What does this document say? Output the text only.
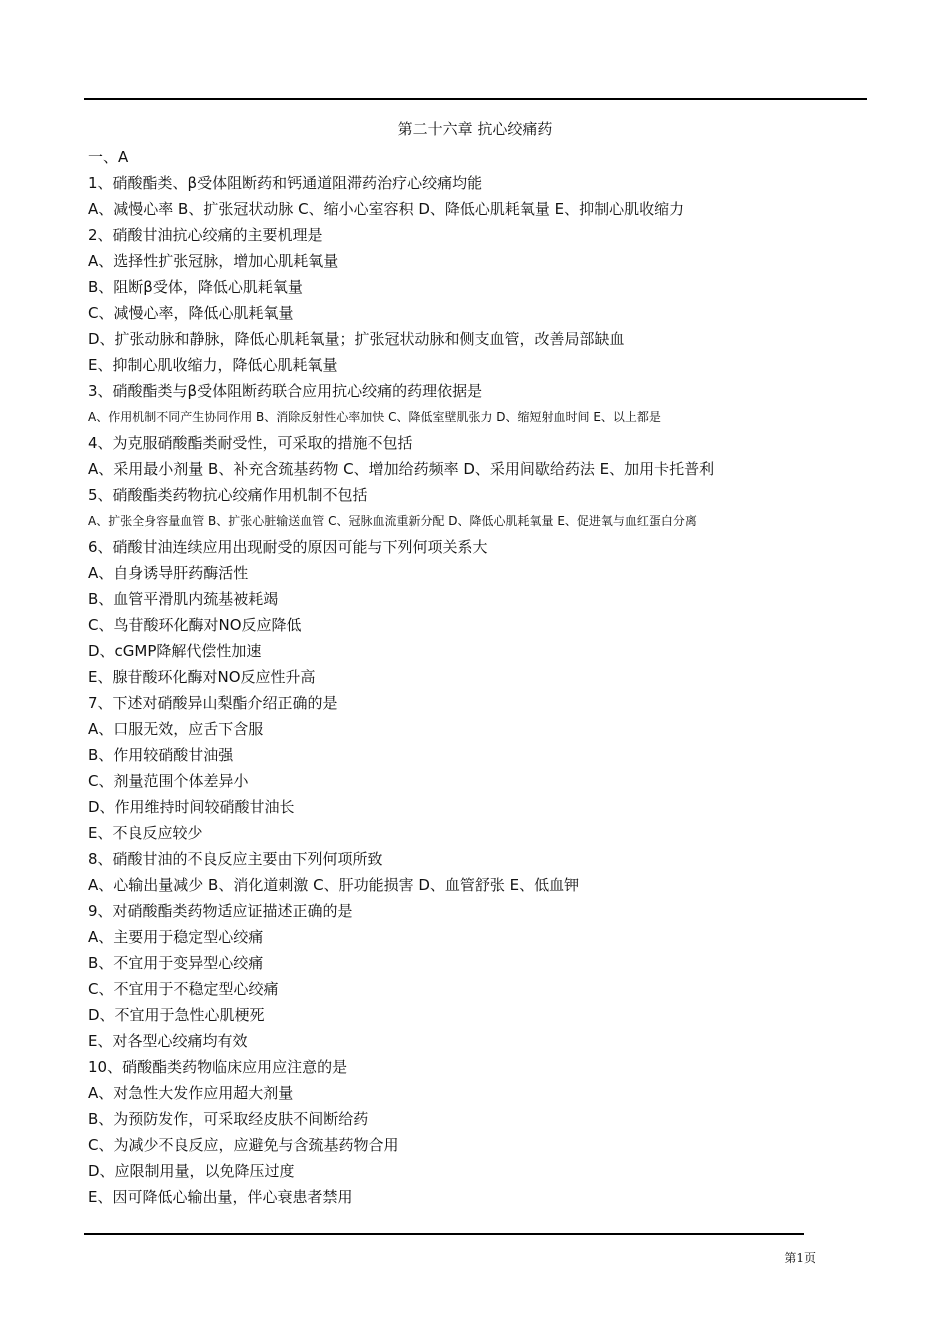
第二十六章 抗心绞痛药
一、A
1、硝酸酯类、β受体阻断药和钙通道阻滞药治疗心绞痛均能
A、减慢心率 B、扩张冠状动脉 C、缩小心室容积 D、降低心肌耗氧量 E、抑制心肌收缩力
2、硝酸甘油抗心绞痛的主要机理是
A、选择性扩张冠脉，增加心肌耗氧量
B、阻断β受体，降低心肌耗氧量
C、减慢心率，降低心肌耗氧量
D、扩张动脉和静脉，降低心肌耗氧量；扩张冠状动脉和侧支血管，改善局部缺血
E、抑制心肌收缩力，降低心肌耗氧量
3、硝酸酯类与β受体阻断药联合应用抗心绞痛的药理依据是
A、作用机制不同产生协同作用 B、消除反射性心率加快 C、降低室壁肌张力 D、缩短射血时间 E、以上都是
4、为克服硝酸酯类耐受性，可采取的措施不包括
A、采用最小剂量 B、补充含巯基药物 C、增加给药频率 D、采用间歇给药法 E、加用卡托普利
5、硝酸酯类药物抗心绞痛作用机制不包括
A、扩张全身容量血管 B、扩张心脏输送血管 C、冠脉血流重新分配 D、降低心肌耗氧量 E、促进氧与血红蛋白分离
6、硝酸甘油连续应用出现耐受的原因可能与下列何项关系大
A、自身诱导肝药酶活性
B、血管平滑肌内巯基被耗竭
C、鸟苷酸环化酶对NO反应降低
D、cGMP降解代偿性加速
E、腺苷酸环化酶对NO反应性升高
7、下述对硝酸异山梨酯介绍正确的是
A、口服无效，应舌下含服
B、作用较硝酸甘油强
C、剂量范围个体差异小
D、作用维持时间较硝酸甘油长
E、不良反应较少
8、硝酸甘油的不良反应主要由下列何项所致
A、心输出量减少 B、消化道刺激 C、肝功能损害 D、血管舒张 E、低血钾
9、对硝酸酯类药物适应证描述正确的是
A、主要用于稳定型心绞痛
B、不宜用于变异型心绞痛
C、不宜用于不稳定型心绞痛
D、不宜用于急性心肌梗死
E、对各型心绞痛均有效
10、硝酸酯类药物临床应用应注意的是
A、对急性大发作应用超大剂量
B、为预防发作，可采取经皮肤不间断给药
C、为减少不良反应，应避免与含巯基药物合用
D、应限制用量，以免降压过度
E、因可降低心输出量，伴心衰患者禁用
第1页
